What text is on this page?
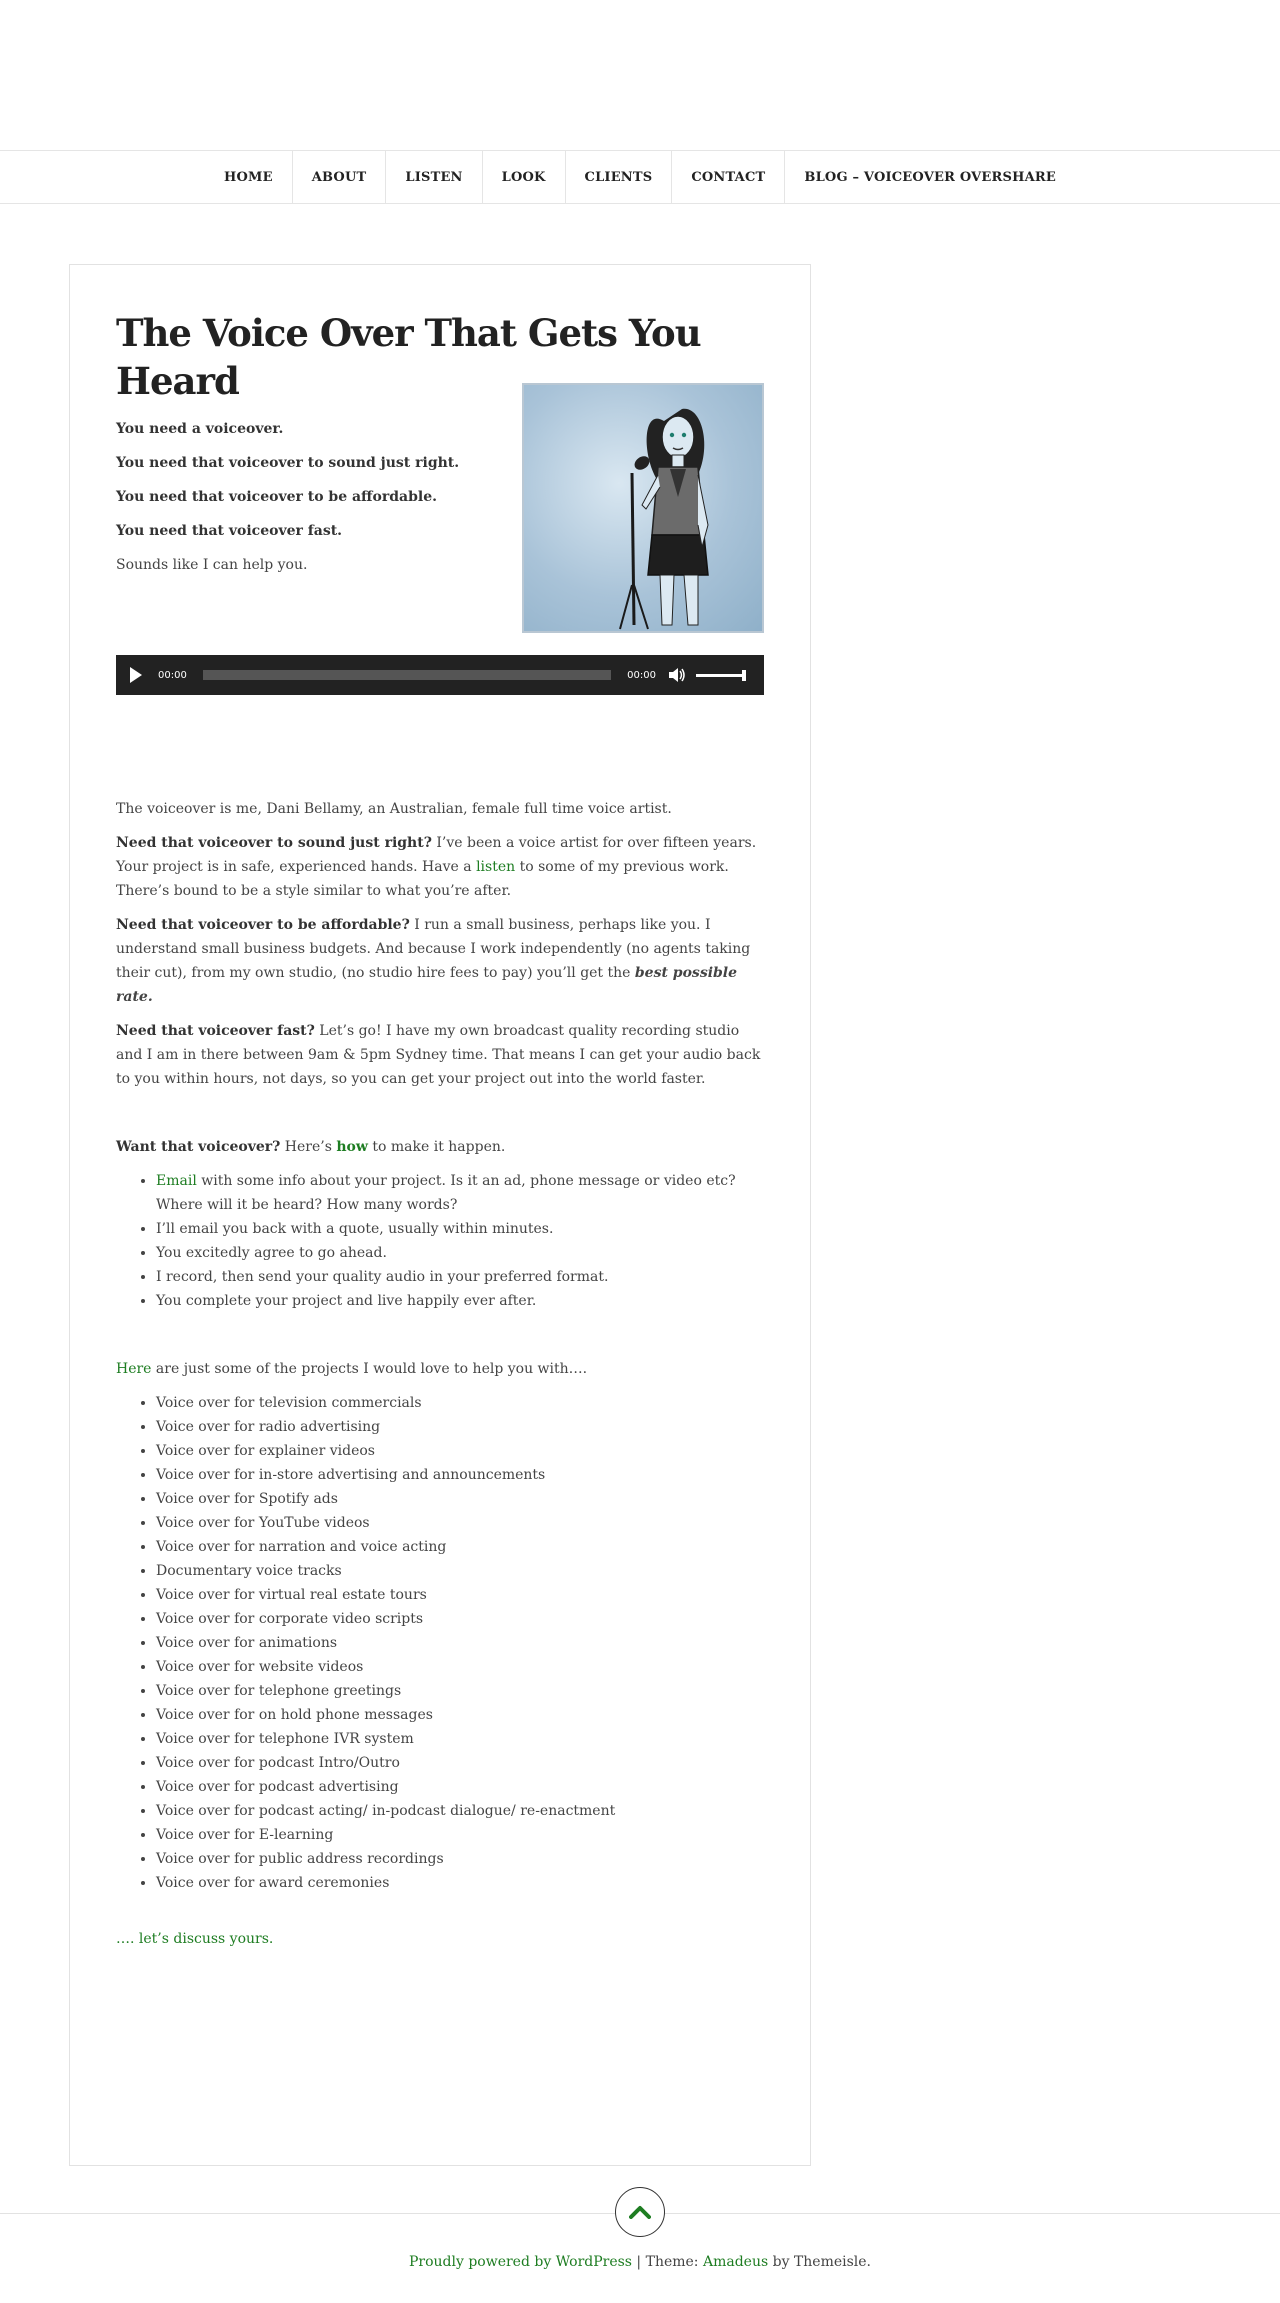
HOME	ABOUT	LISTEN	LOOK	CLIENTS	CONTACT	BLOG – VOICEOVER OVERSHARE
The Voice Over That Gets You Heard
You need a voiceover.
You need that voiceover to sound just right.
You need that voiceover to be affordable.
You need that voiceover fast.
Sounds like I can help you.
00:00	00:00

The voiceover is me, Dani Bellamy, an Australian, female full time voice artist.

Need that voiceover to sound just right? I’ve been a voice artist for over fifteen years. Your project is in safe, experienced hands. Have a listen to some of my previous work. There’s bound to be a style similar to what you’re after.

Need that voiceover to be affordable? I run a small business, perhaps like you. I understand small business budgets. And because I work independently (no agents taking their cut), from my own studio, (no studio hire fees to pay) you’ll get the best possible rate.

Need that voiceover fast? Let’s go! I have my own broadcast quality recording studio and I am in there between 9am & 5pm Sydney time. That means I can get your audio back to you within hours, not days, so you can get your project out into the world faster.

Want that voiceover? Here’s how to make it happen.

• Email with some info about your project. Is it an ad, phone message or video etc? Where will it be heard? How many words?
• I’ll email you back with a quote, usually within minutes.
• You excitedly agree to go ahead.
• I record, then send your quality audio in your preferred format.
• You complete your project and live happily ever after.

Here are just some of the projects I would love to help you with….

• Voice over for television commercials
• Voice over for radio advertising
• Voice over for explainer videos
• Voice over for in-store advertising and announcements
• Voice over for Spotify ads
• Voice over for YouTube videos
• Voice over for narration and voice acting
• Documentary voice tracks
• Voice over for virtual real estate tours
• Voice over for corporate video scripts
• Voice over for animations
• Voice over for website videos
• Voice over for telephone greetings
• Voice over for on hold phone messages
• Voice over for telephone IVR system
• Voice over for podcast Intro/Outro
• Voice over for podcast advertising
• Voice over for podcast acting/ in-podcast dialogue/ re-enactment
• Voice over for E-learning
• Voice over for public address recordings
• Voice over for award ceremonies

…. let’s discuss yours.

Proudly powered by WordPress | Theme: Amadeus by Themeisle.
